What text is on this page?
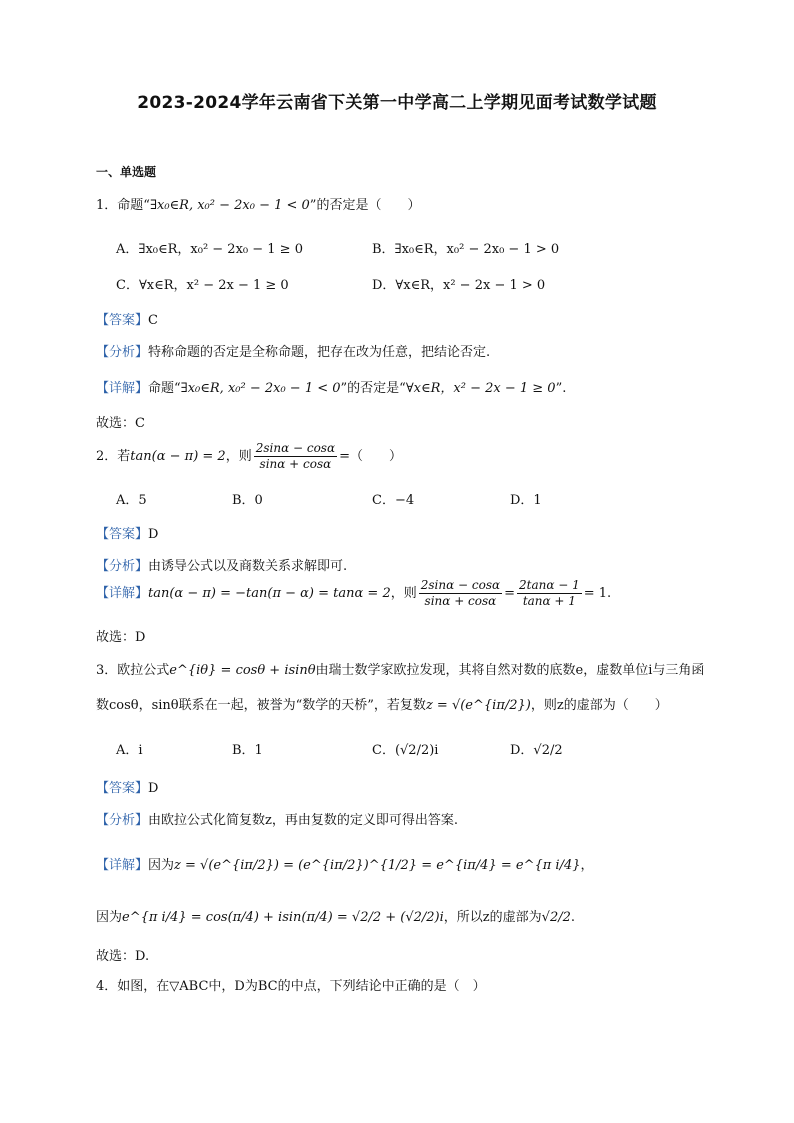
2023-2024学年云南省下关第一中学高二上学期见面考试数学试题
一、单选题
1．命题“∃x₀∈R, x₀² − 2x₀ − 1 < 0”的否定是（　　）
A．∃x₀∈R，x₀² − 2x₀ − 1 ≥ 0	B．∃x₀∈R，x₀² − 2x₀ − 1 > 0
C．∀x∈R，x² − 2x − 1 ≥ 0	D．∀x∈R，x² − 2x − 1 > 0
【答案】C
【分析】特称命题的否定是全称命题，把存在改为任意，把结论否定.
【详解】命题“∃x₀∈R, x₀² − 2x₀ − 1 < 0”的否定是“∀x∈R，x² − 2x − 1 ≥ 0”.
故选：C
2．若tan(α − π) = 2，则 $\frac{2\sin\alpha - \cos\alpha}{\sin\alpha + \cos\alpha}$ =（　　）
A．5	B．0	C．−4	D．1
【答案】D
【分析】由诱导公式以及商数关系求解即可.
【详解】tan(α − π) = −tan(π − α) = tanα = 2，则 $\frac{2\sin\alpha - \cos\alpha}{\sin\alpha + \cos\alpha} = \frac{2\tan\alpha - 1}{\tan\alpha + 1} = 1$.
故选：D
3．欧拉公式e^{iθ} = cosθ + isinθ由瑞士数学家欧拉发现，其将自然对数的底数e，虚数单位i与三角函
数cosθ，sinθ联系在一起，被誉为“数学的天桥”，若复数z = √(e^{iπ/2})，则z的虚部为（　　）
A．i	B．1	C．(√2/2)i	D．√2/2
【答案】D
【分析】由欧拉公式化简复数z，再由复数的定义即可得出答案.
【详解】因为z = √(e^{iπ/2}) = (e^{iπ/2})^{1/2} = e^{iπ/4} = e^{π i/4}，
因为e^{π i/4} = cos(π/4) + isin(π/4) = √2/2 + (√2/2)i，所以z的虚部为√2/2.
故选：D.
4．如图，在▽ABC中，D为BC的中点，下列结论中正确的是（　）
